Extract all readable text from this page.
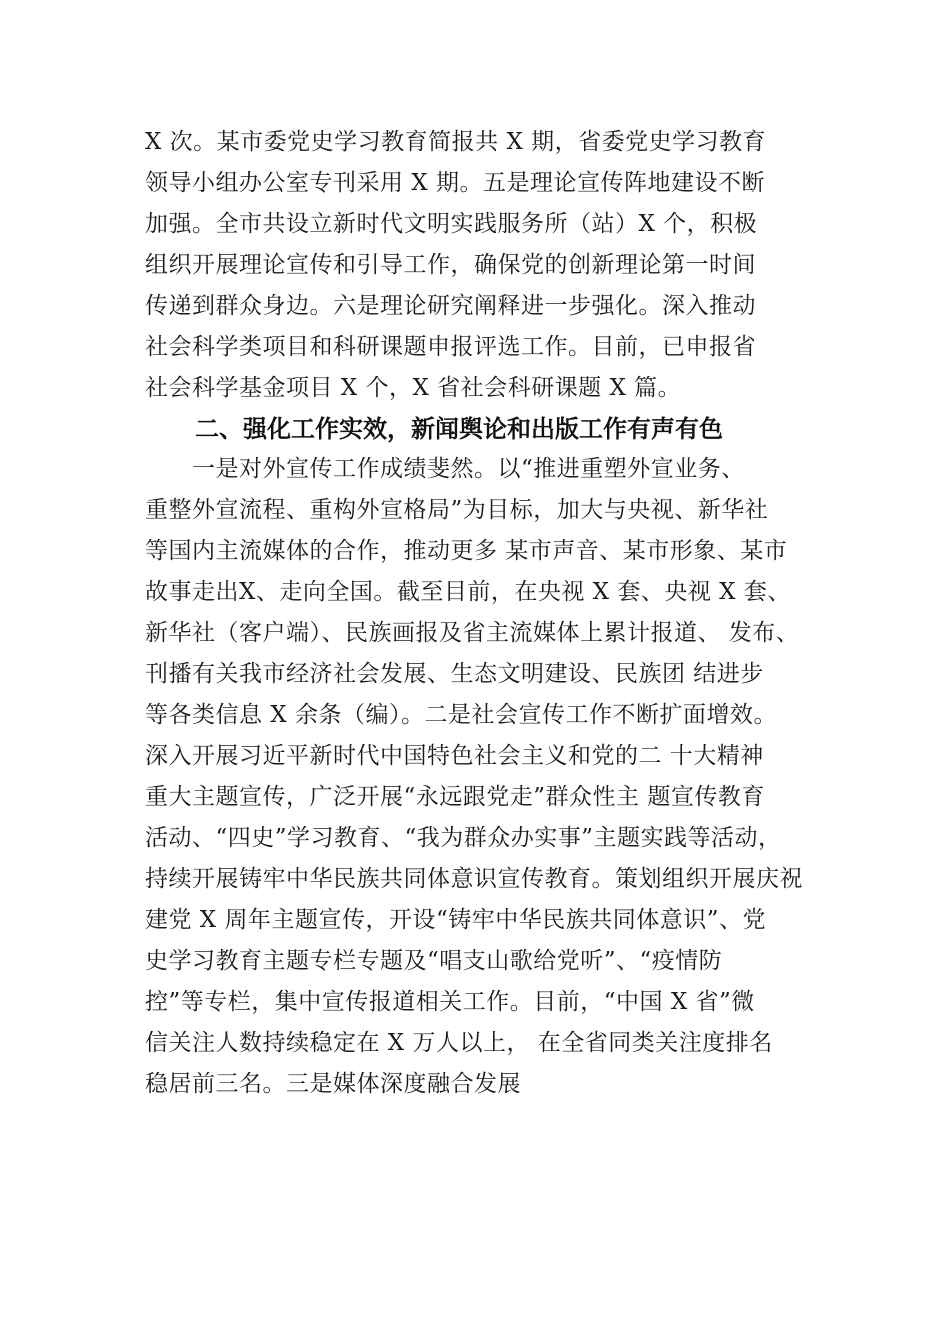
X 次。某市委党史学习教育简报共 X 期，省委党史学习教育
领导小组办公室专刊采用 X 期。五是理论宣传阵地建设不断
加强。全市共设立新时代文明实践服务所（站）X 个，积极
组织开展理论宣传和引导工作，确保党的创新理论第一时间
传递到群众身边。六是理论研究阐释进一步强化。深入推动
社会科学类项目和科研课题申报评选工作。目前，已申报省
社会科学基金项目 X 个，X 省社会科研课题 X 篇。
二、强化工作实效，新闻舆论和出版工作有声有色
一是对外宣传工作成绩斐然。以“推进重塑外宣业务、
重整外宣流程、重构外宣格局”为目标，加大与央视、新华社
等国内主流媒体的合作，推动更多 某市声音、某市形象、某市
故事走出X、走向全国。截至目前，在央视 X 套、央视 X 套、
新华社（客户端）、民族画报及省主流媒体上累计报道、 发布、
刊播有关我市经济社会发展、生态文明建设、民族团 结进步
等各类信息 X 余条（编）。二是社会宣传工作不断扩面增效。
深入开展习近平新时代中国特色社会主义和党的二 十大精神
重大主题宣传，广泛开展“永远跟党走”群众性主 题宣传教育
活动、“四史”学习教育、“我为群众办实事”主题实践等活动，
持续开展铸牢中华民族共同体意识宣传教育。策划组织开展庆祝
建党 X 周年主题宣传，开设“铸牢中华民族共同体意识”、党
史学习教育主题专栏专题及“唱支山歌给党听”、“疫情防
控”等专栏，集中宣传报道相关工作。目前，“中国 X 省”微
信关注人数持续稳定在 X 万人以上， 在全省同类关注度排名
稳居前三名。三是媒体深度融合发展
